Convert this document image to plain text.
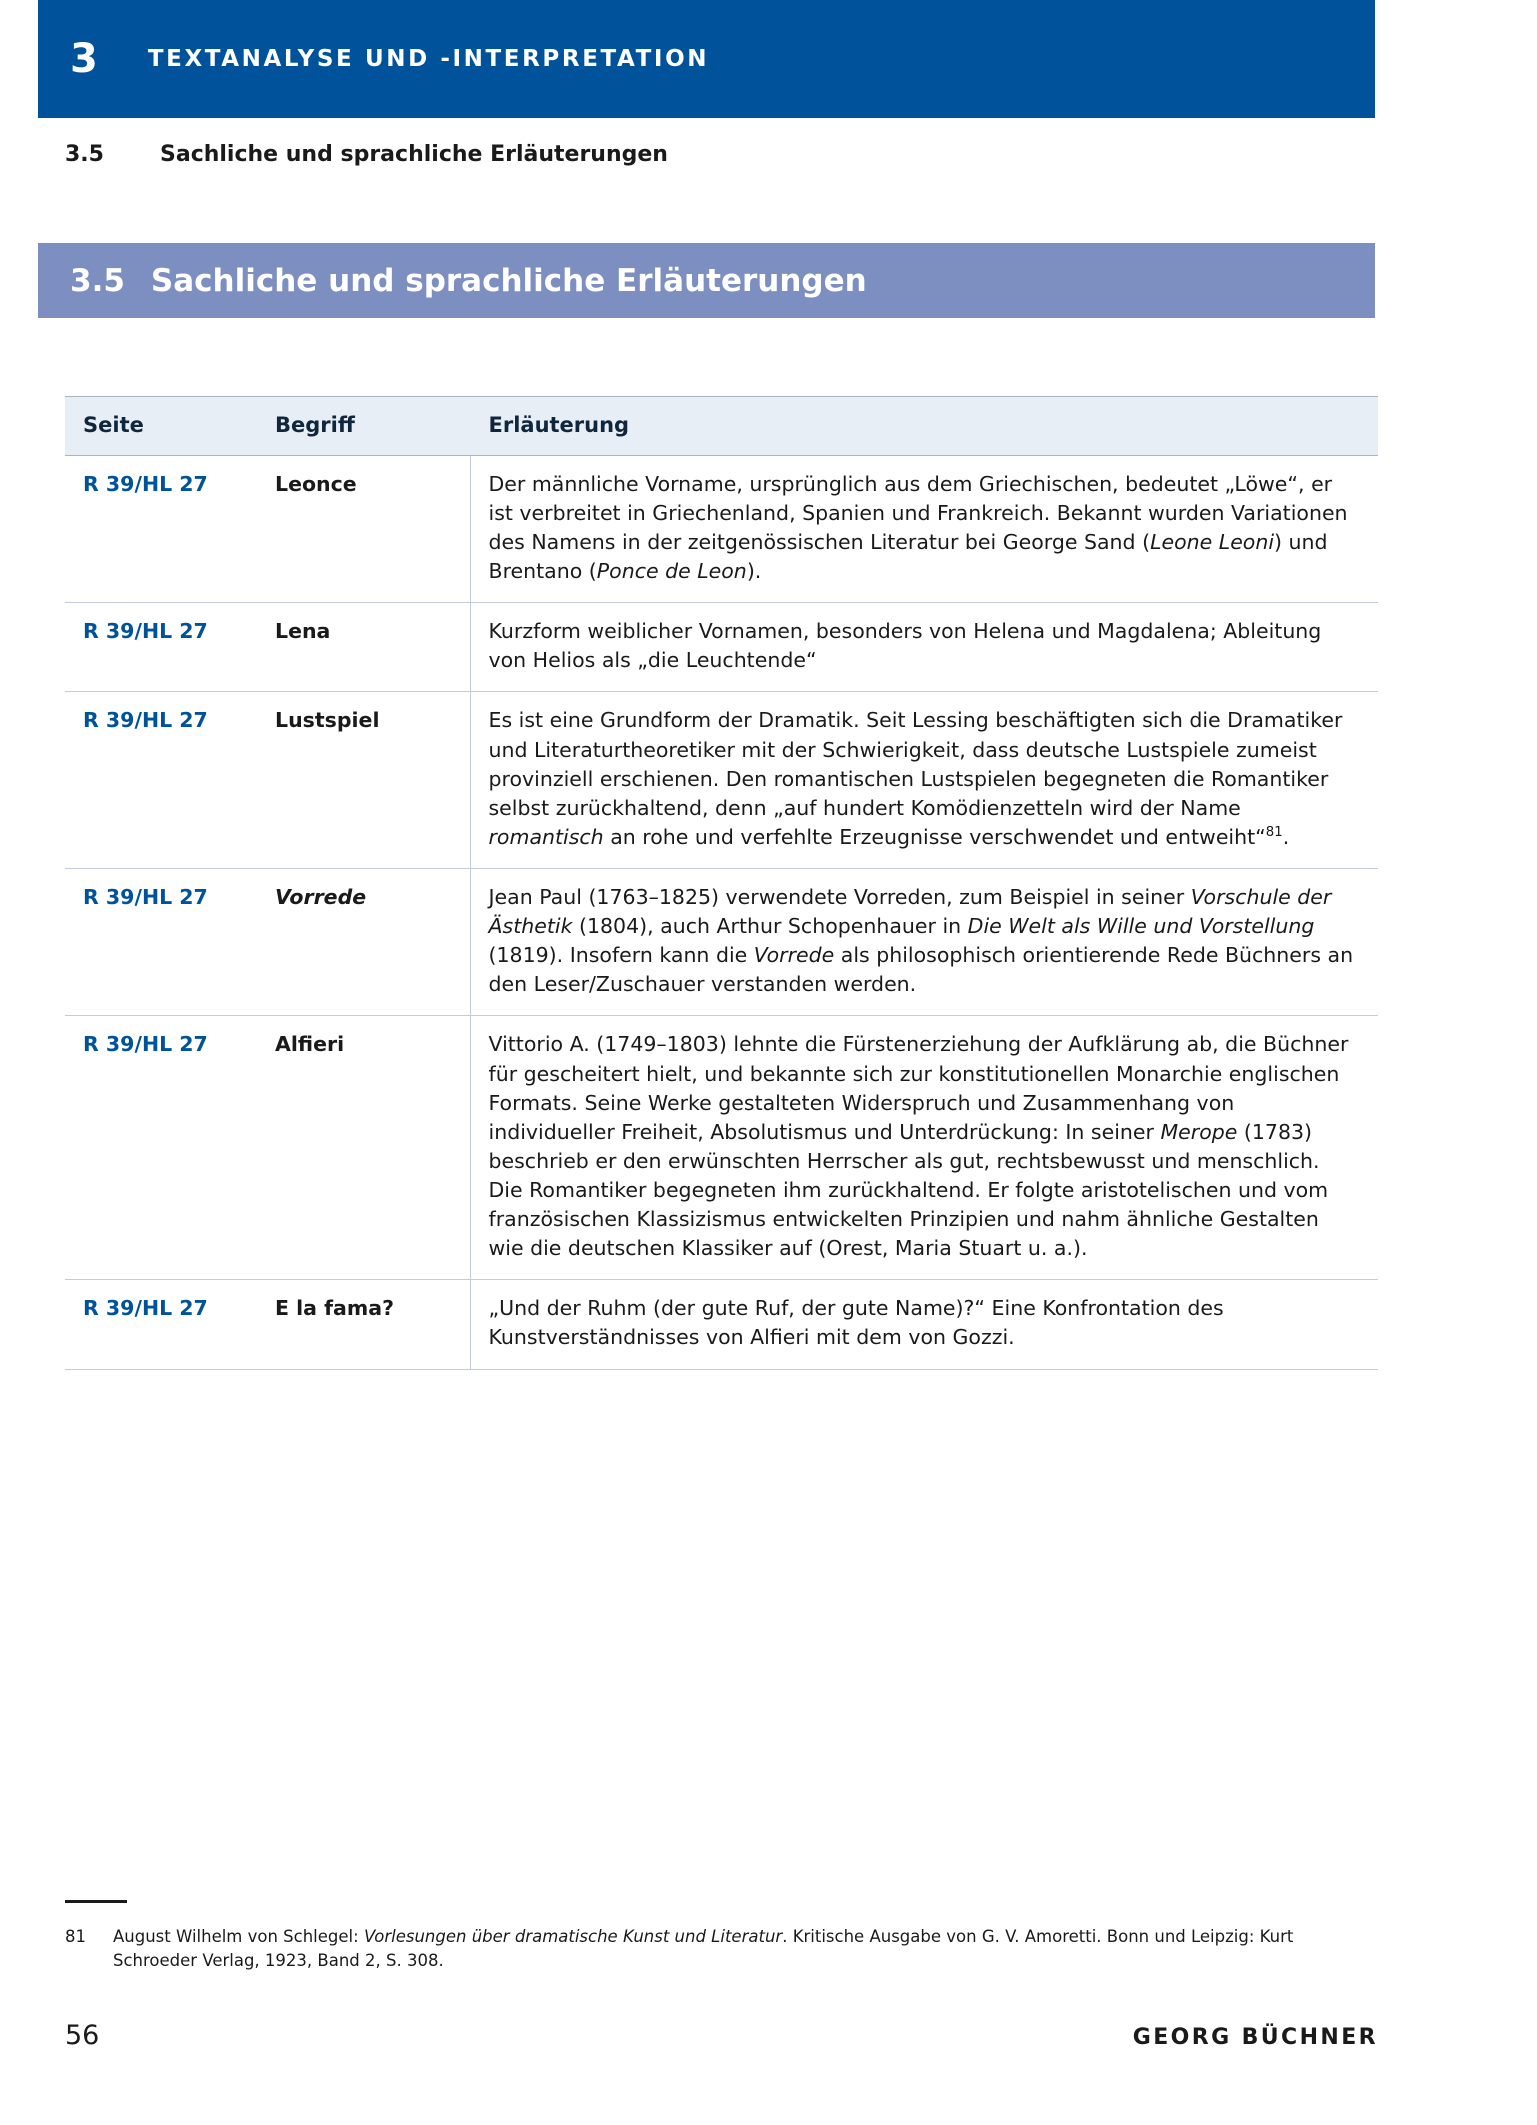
3 TEXTANALYSE UND -INTERPRETATION
3.5	Sachliche und sprachliche Erläuterungen
3.5 Sachliche und sprachliche Erläuterungen
Seite	Begriff	Erläuterung
R 39/HL 27	Leonce	Der männliche Vorname, ursprünglich aus dem Griechischen, bedeutet „Löwe“, er ist verbreitet in Griechenland, Spanien und Frankreich. Bekannt wurden Variationen des Namens in der zeitgenössischen Literatur bei George Sand (Leone Leoni) und Brentano (Ponce de Leon).
R 39/HL 27	Lena	Kurzform weiblicher Vornamen, besonders von Helena und Magdalena; Ableitung von Helios als „die Leuchtende“
R 39/HL 27	Lustspiel	Es ist eine Grundform der Dramatik. Seit Lessing beschäftigten sich die Dramatiker und Literaturtheoretiker mit der Schwierigkeit, dass deutsche Lustspiele zumeist provinziell erschienen. Den romantischen Lustspielen begegneten die Romantiker selbst zurückhaltend, denn „auf hundert Komödienzetteln wird der Name romantisch an rohe und verfehlte Erzeugnisse verschwendet und entweiht“$^{81}$.
R 39/HL 27	Vorrede	Jean Paul (1763–1825) verwendete Vorreden, zum Beispiel in seiner Vorschule der Ästhetik (1804), auch Arthur Schopenhauer in Die Welt als Wille und Vorstellung (1819). Insofern kann die Vorrede als philosophisch orientierende Rede Büchners an den Leser/Zuschauer verstanden werden.
R 39/HL 27	Alfieri	Vittorio A. (1749–1803) lehnte die Fürstenerziehung der Aufklärung ab, die Büchner für gescheitert hielt, und bekannte sich zur konstitutionellen Monarchie englischen Formats. Seine Werke gestalteten Widerspruch und Zusammenhang von individueller Freiheit, Absolutismus und Unterdrückung: In seiner Merope (1783) beschrieb er den erwünschten Herrscher als gut, rechtsbewusst und menschlich. Die Romantiker begegneten ihm zurückhaltend. Er folgte aristotelischen und vom französischen Klassizismus entwickelten Prinzipien und nahm ähnliche Gestalten wie die deutschen Klassiker auf (Orest, Maria Stuart u. a.).
R 39/HL 27	E la fama?	„Und der Ruhm (der gute Ruf, der gute Name)?“ Eine Konfrontation des Kunstverständnisses von Alfieri mit dem von Gozzi.
81	August Wilhelm von Schlegel: Vorlesungen über dramatische Kunst und Literatur. Kritische Ausgabe von G. V. Amoretti. Bonn und Leipzig: Kurt Schroeder Verlag, 1923, Band 2, S. 308.
56	GEORG BÜCHNER
